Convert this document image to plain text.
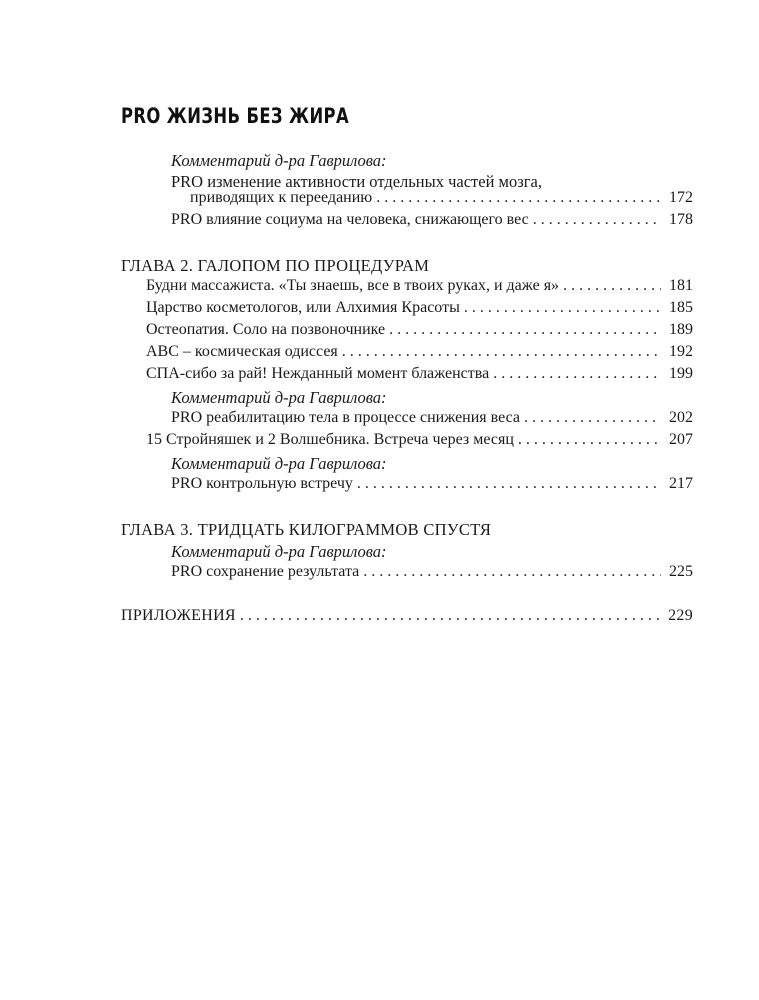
PRO ЖИЗНЬ БЕЗ ЖИРА
Комментарий д-ра Гаврилова:
PRO изменение активности отдельных частей мозга,
приводящих к перееданию . . .	172
PRO влияние социума на человека, снижающего вес . . .	178
ГЛАВА 2. ГАЛОПОМ ПО ПРОЦЕДУРАМ
Будни массажиста. «Ты знаешь, все в твоих руках, и даже я» . . .	181
Царство косметологов, или Алхимия Красоты . . .	185
Остеопатия. Соло на позвоночнике . . .	189
АВС – космическая одиссея . . .	192
СПА-сибо за рай! Нежданный момент блаженства . . .	199
Комментарий д-ра Гаврилова:
PRO реабилитацию тела в процессе снижения веса . . .	202
15 Стройняшек и 2 Волшебника. Встреча через месяц . . .	207
Комментарий д-ра Гаврилова:
PRO контрольную встречу . . .	217
ГЛАВА 3. ТРИДЦАТЬ КИЛОГРАММОВ СПУСТЯ
Комментарий д-ра Гаврилова:
PRO сохранение результата . . .	225
ПРИЛОЖЕНИЯ . . .	229
